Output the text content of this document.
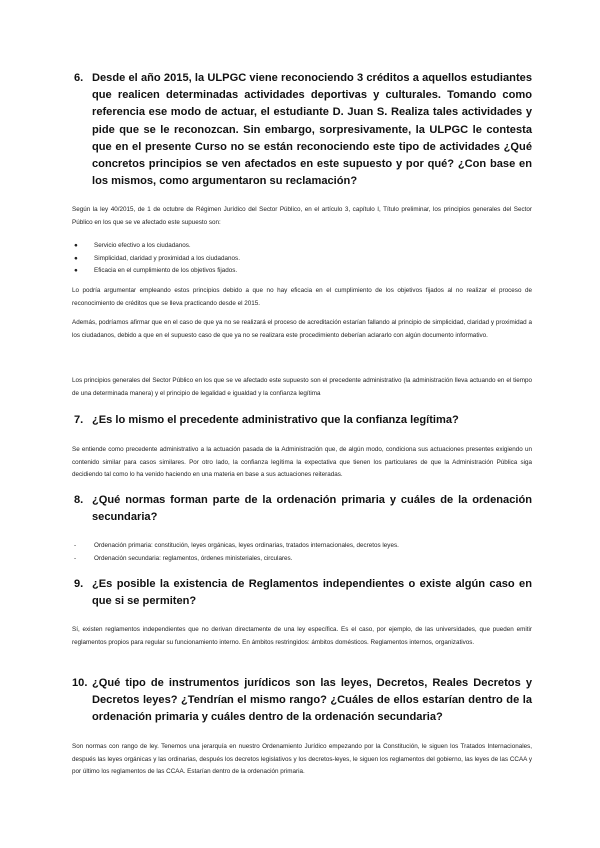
6. Desde el año 2015, la ULPGC viene reconociendo 3 créditos a aquellos estudiantes que realicen determinadas actividades deportivas y culturales. Tomando como referencia ese modo de actuar, el estudiante D. Juan S. Realiza tales actividades y pide que se le reconozcan. Sin embargo, sorpresivamente, la ULPGC le contesta que en el presente Curso no se están reconociendo este tipo de actividades ¿Qué concretos principios se ven afectados en este supuesto y por qué? ¿Con base en los mismos, como argumentaron su reclamación?
Según la ley 40/2015, de 1 de octubre de Régimen Jurídico del Sector Público, en el artículo 3, capítulo I, Título preliminar, los principios generales del Sector Público en los que se ve afectado este supuesto son:
●	Servicio efectivo a los ciudadanos.
●	Simplicidad, claridad y proximidad a los ciudadanos.
●	Eficacia en el cumplimiento de los objetivos fijados.
Lo podría argumentar empleando estos principios debido a que no hay eficacia en el cumplimiento de los objetivos fijados al no realizar el proceso de reconocimiento de créditos que se lleva practicando desde el 2015.
Además, podríamos afirmar que en el caso de que ya no se realizará el proceso de acreditación estarían fallando al principio de simplicidad, claridad y proximidad a los ciudadanos, debido a que en el supuesto caso de que ya no se realizara este procedimiento deberían aclararlo con algún documento informativo.
Los principios generales del Sector Público en los que se ve afectado este supuesto son el precedente administrativo (la administración lleva actuando en el tiempo de una determinada manera) y el principio de legalidad e igualdad y la confianza legítima
7. ¿Es lo mismo el precedente administrativo que la confianza legítima?
Se entiende como precedente administrativo a la actuación pasada de la Administración que, de algún modo, condiciona sus actuaciones presentes exigiendo un contenido similar para casos similares. Por otro lado, la confianza legítima la expectativa que tienen los particulares de que la Administración Pública siga decidiendo tal como lo ha venido haciendo en una materia en base a sus actuaciones reiteradas.
8. ¿Qué normas forman parte de la ordenación primaria y cuáles de la ordenación secundaria?
-	Ordenación primaria: constitución, leyes orgánicas, leyes ordinarias, tratados internacionales, decretos leyes.
-	Ordenación secundaria: reglamentos, órdenes ministeriales, circulares.
9. ¿Es posible la existencia de Reglamentos independientes o existe algún caso en que si se permiten?
Sí, existen reglamentos independientes que no derivan directamente de una ley específica. Es el caso, por ejemplo, de las universidades, que pueden emitir reglamentos propios para regular su funcionamiento interno. En ámbitos restringidos: ámbitos domésticos. Reglamentos internos, organizativos.
10. ¿Qué tipo de instrumentos jurídicos son las leyes, Decretos, Reales Decretos y Decretos leyes? ¿Tendrían el mismo rango? ¿Cuáles de ellos estarían dentro de la ordenación primaria y cuáles dentro de la ordenación secundaria?
Son normas con rango de ley. Tenemos una jerarquía en nuestro Ordenamiento Jurídico empezando por la Constitución, le siguen los Tratados Internacionales, después las leyes orgánicas y las ordinarias, después los decretos legislativos y los decretos-leyes, le siguen los reglamentos del gobierno, las leyes de las CCAA y por último los reglamentos de las CCAA. Estarían dentro de la ordenación primaria.
